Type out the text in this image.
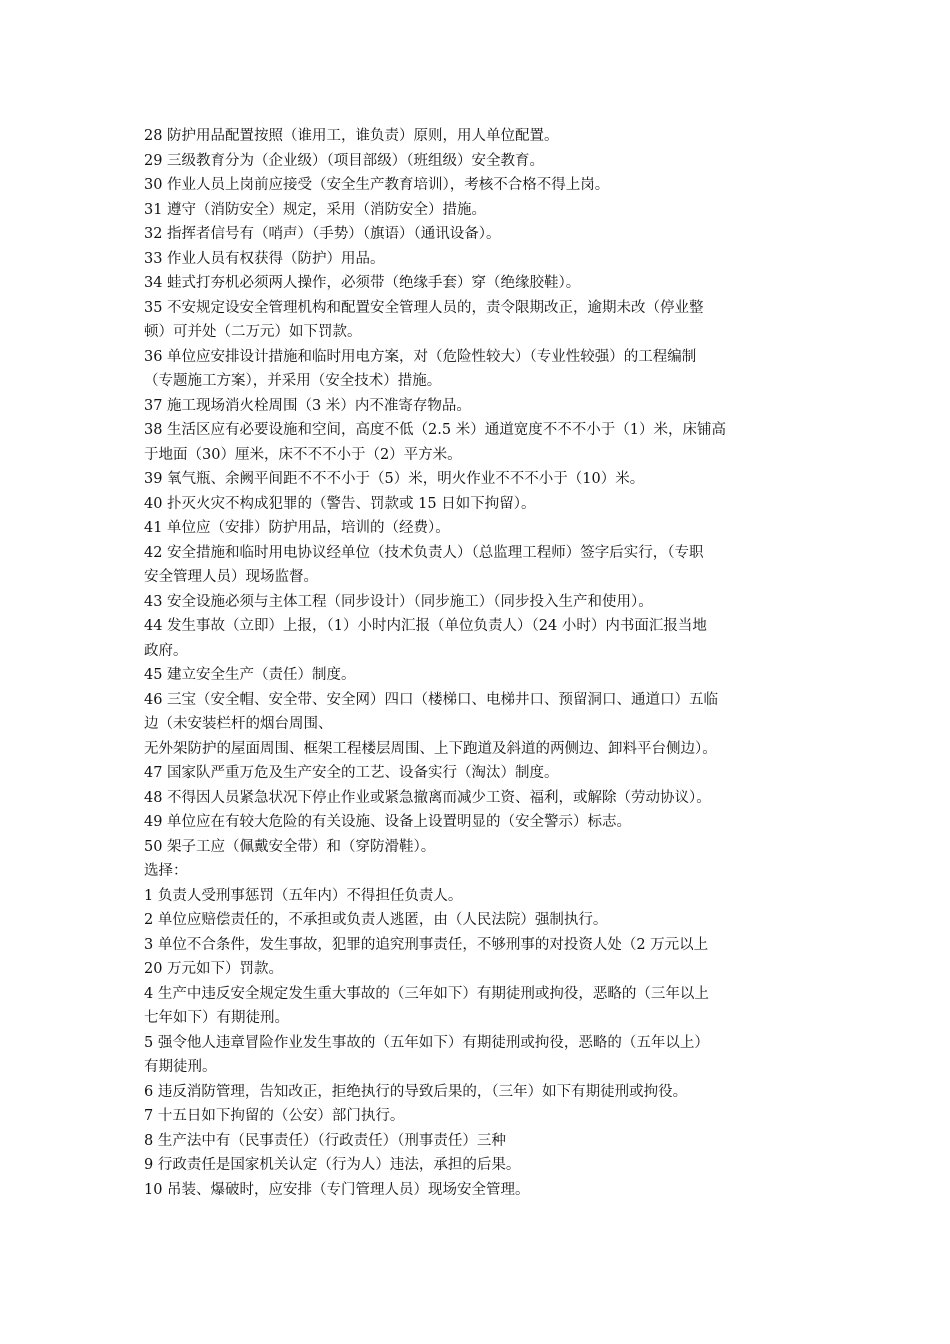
28 防护用品配置按照（谁用工，谁负责）原则，用人单位配置。
29 三级教育分为（企业级）（项目部级）（班组级）安全教育。
30 作业人员上岗前应接受（安全生产教育培训），考核不合格不得上岗。
31 遵守（消防安全）规定，采用（消防安全）措施。
32 指挥者信号有（哨声）（手势）（旗语）（通讯设备）。
33 作业人员有权获得（防护）用品。
34 蛙式打夯机必须两人操作，必须带（绝缘手套）穿（绝缘胶鞋）。
35 不安规定设安全管理机构和配置安全管理人员的，责令限期改正，逾期未改（停业整
顿）可并处（二万元）如下罚款。
36 单位应安排设计措施和临时用电方案，对（危险性较大）（专业性较强）的工程编制
（专题施工方案），并采用（安全技术）措施。
37 施工现场消火栓周围（3 米）内不准寄存物品。
38 生活区应有必要设施和空间，高度不低（2.5 米）通道宽度不不不小于（1）米，床铺高
于地面（30）厘米，床不不不小于（2）平方米。
39 氧气瓶、余阙平间距不不不小于（5）米，明火作业不不不小于（10）米。
40 扑灭火灾不构成犯罪的（警告、罚款或 15 日如下拘留）。
41 单位应（安排）防护用品，培训的（经费）。
42 安全措施和临时用电协议经单位（技术负责人）（总监理工程师）签字后实行，（专职
安全管理人员）现场监督。
43 安全设施必须与主体工程（同步设计）（同步施工）（同步投入生产和使用）。
44 发生事故（立即）上报，（1）小时内汇报（单位负责人）（24 小时）内书面汇报当地
政府。
45 建立安全生产（责任）制度。
46 三宝（安全帽、安全带、安全网）四口（楼梯口、电梯井口、预留洞口、通道口）五临
边（未安装栏杆的烟台周围、
无外架防护的屋面周围、框架工程楼层周围、上下跑道及斜道的两侧边、卸料平台侧边）。
47 国家队严重万危及生产安全的工艺、设备实行（淘汰）制度。
48 不得因人员紧急状况下停止作业或紧急撤离而减少工资、福利，或解除（劳动协议）。
49 单位应在有较大危险的有关设施、设备上设置明显的（安全警示）标志。
50 架子工应（佩戴安全带）和（穿防滑鞋）。
选择：
1 负责人受刑事惩罚（五年内）不得担任负责人。
2 单位应赔偿责任的，不承担或负责人逃匿，由（人民法院）强制执行。
3 单位不合条件，发生事故，犯罪的追究刑事责任，不够刑事的对投资人处（2 万元以上
20 万元如下）罚款。
4 生产中违反安全规定发生重大事故的（三年如下）有期徒刑或拘役，恶略的（三年以上
七年如下）有期徒刑。
5 强令他人违章冒险作业发生事故的（五年如下）有期徒刑或拘役，恶略的（五年以上）
有期徒刑。
6 违反消防管理，告知改正，拒绝执行的导致后果的，（三年）如下有期徒刑或拘役。
7 十五日如下拘留的（公安）部门执行。
8 生产法中有（民事责任）（行政责任）（刑事责任）三种
9 行政责任是国家机关认定（行为人）违法，承担的后果。
10 吊装、爆破时，应安排（专门管理人员）现场安全管理。
